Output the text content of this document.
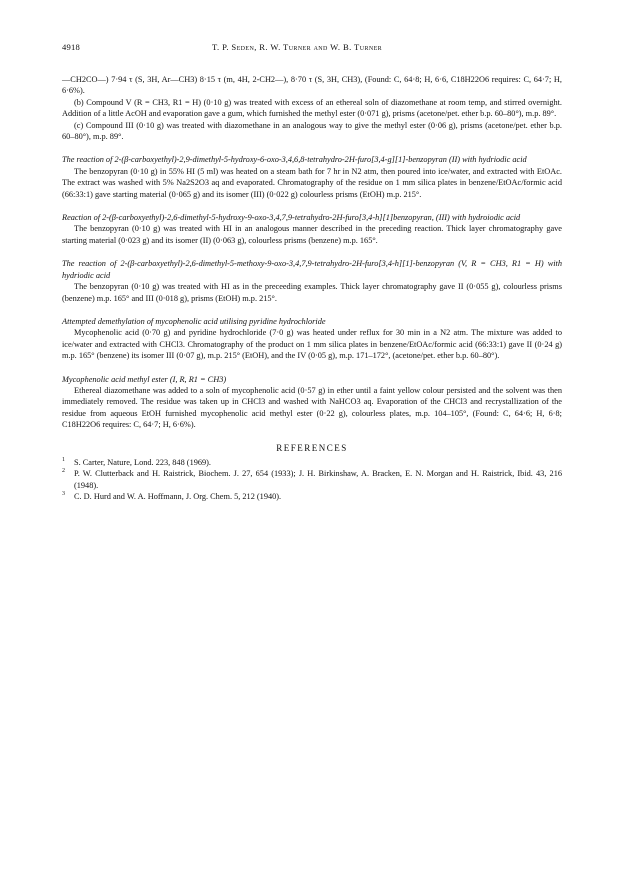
4918	T. P. Seden, R. W. Turner and W. B. Turner

—CH2CO—) 7·94 τ (S, 3H, Ar—CH3) 8·15 τ (m, 4H, 2-CH2—), 8·70 τ (S, 3H, CH3), (Found: C, 64·8; H, 6·6, C18H22O6 requires: C, 64·7; H, 6·6%).

(b) Compound V (R = CH3, R1 = H) (0·10 g) was treated with excess of an ethereal soln of diazomethane at room temp, and stirred overnight. Addition of a little AcOH and evaporation gave a gum, which furnished the methyl ester (0·071 g), prisms (acetone/pet. ether b.p. 60–80°), m.p. 89°.

(c) Compound III (0·10 g) was treated with diazomethane in an analogous way to give the methyl ester (0·06 g), prisms (acetone/pet. ether b.p. 60–80°), m.p. 89°.

The reaction of 2-(β-carboxyethyl)-2,9-dimethyl-5-hydroxy-6-oxo-3,4,6,8-tetrahydro-2H-furo[3,4-g][1]-benzopyran (II) with hydriodic acid

The benzopyran (0·10 g) in 55% HI (5 ml) was heated on a steam bath for 7 hr in N2 atm, then poured into ice/water, and extracted with EtOAc. The extract was washed with 5% Na2S2O3 aq and evaporated. Chromatography of the residue on 1 mm silica plates in benzene/EtOAc/formic acid (66:33:1) gave starting material (0·065 g) and its isomer (III) (0·022 g) colourless prisms (EtOH) m.p. 215°.

Reaction of 2-(β-carboxyethyl)-2,6-dimethyl-5-hydroxy-9-oxo-3,4,7,9-tetrahydro-2H-furo[3,4-h][1]benzopyran, (III) with hydroiodic acid

The benzopyran (0·10 g) was treated with HI in an analogous manner described in the preceding reaction. Thick layer chromatography gave starting material (0·023 g) and its isomer (II) (0·063 g), colourless prisms (benzene) m.p. 165°.

The reaction of 2-(β-carboxyethyl)-2,6-dimethyl-5-methoxy-9-oxo-3,4,7,9-tetrahydro-2H-furo[3,4-h][1]-benzopyran (V, R = CH3, R1 = H) with hydriodic acid

The benzopyran (0·10 g) was treated with HI as in the preceeding examples. Thick layer chromatography gave II (0·055 g), colourless prisms (benzene) m.p. 165° and III (0·018 g), prisms (EtOH) m.p. 215°.

Attempted demethylation of mycophenolic acid utilising pyridine hydrochloride

Mycophenolic acid (0·70 g) and pyridine hydrochloride (7·0 g) was heated under reflux for 30 min in a N2 atm. The mixture was added to ice/water and extracted with CHCl3. Chromatography of the product on 1 mm silica plates in benzene/EtOAc/formic acid (66:33:1) gave II (0·24 g) m.p. 165° (benzene) its isomer III (0·07 g), m.p. 215° (EtOH), and the IV (0·05 g), m.p. 171–172°, (acetone/pet. ether b.p. 60–80°).

Mycophenolic acid methyl ester (I, R, R1 = CH3)

Ethereal diazomethane was added to a soln of mycophenolic acid (0·57 g) in ether until a faint yellow colour persisted and the solvent was then immediately removed. The residue was taken up in CHCl3 and washed with NaHCO3 aq. Evaporation of the CHCl3 and recrystallization of the residue from aqueous EtOH furnished mycophenolic acid methyl ester (0·22 g), colourless plates, m.p. 104–105°, (Found: C, 64·6; H, 6·8; C18H22O6 requires: C, 64·7; H, 6·6%).

REFERENCES

1 S. Carter, Nature, Lond. 223, 848 (1969).

2 P. W. Clutterback and H. Raistrick, Biochem. J. 27, 654 (1933); J. H. Birkinshaw, A. Bracken, E. N. Morgan and H. Raistrick, Ibid. 43, 216 (1948).

3 C. D. Hurd and W. A. Hoffmann, J. Org. Chem. 5, 212 (1940).
